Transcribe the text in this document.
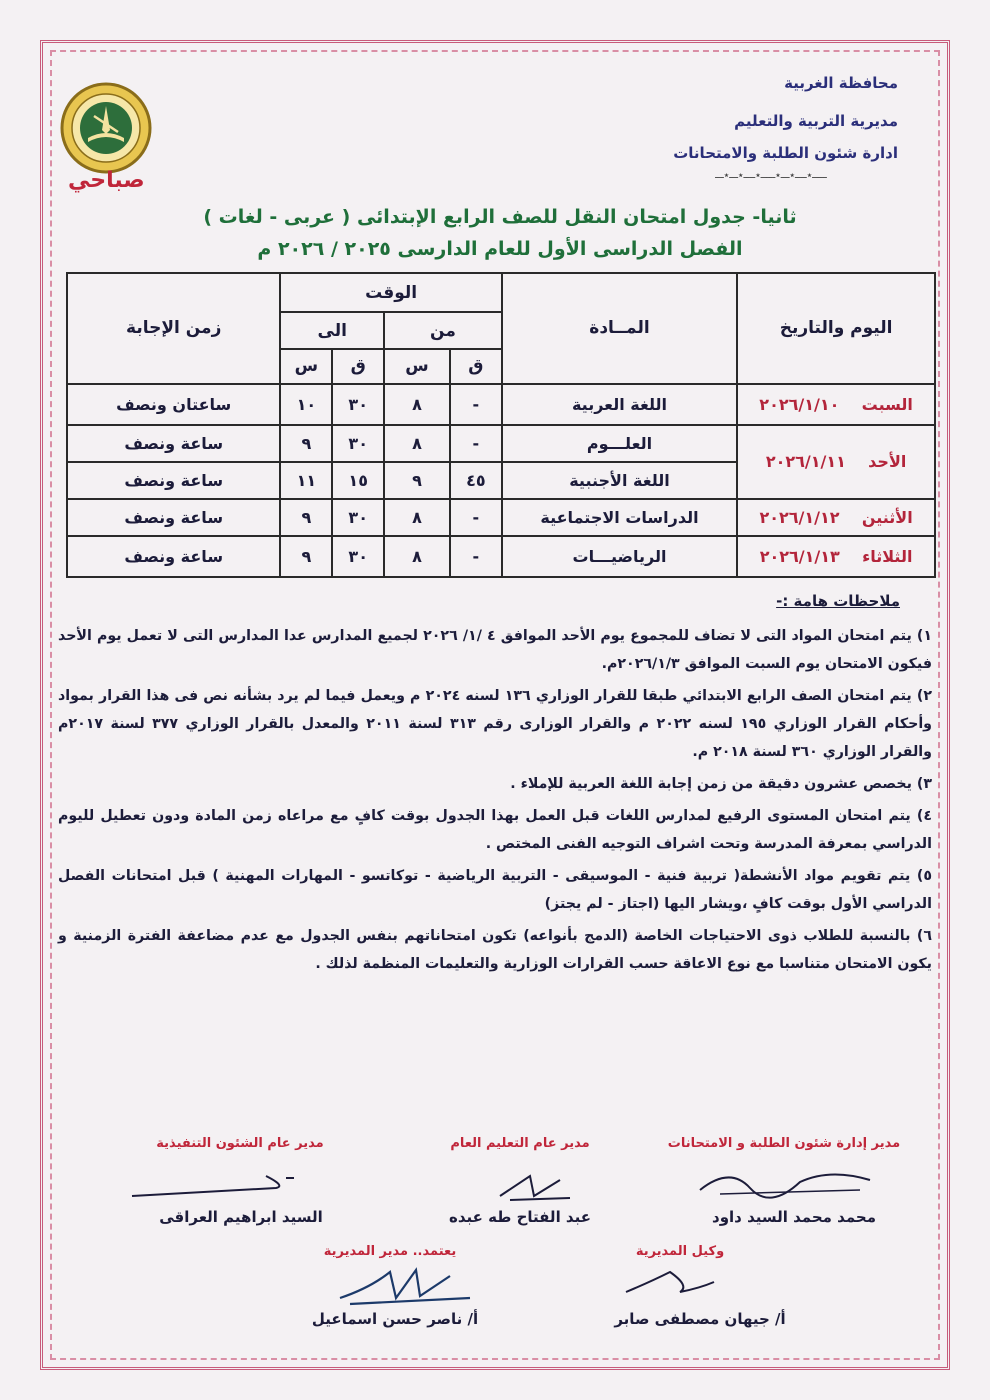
محافظة الغربية
مديرية التربية والتعليم
ادارة شئون الطلبة والامتحانات
ـــــ٭ــــ٭ـــ٭ـــــ٭ــــ٭ـــ٭ـــ
صباحي
ثانيا- جدول امتحان النقل للصف الرابع الإبتدائى ( عربى - لغات )
الفصل الدراسى الأول للعام الدارسى ٢٠٢٥ / ٢٠٢٦ م
اليوم والتاريخ	المــادة	الوقت				زمن الإجابة
		من		الى		
		ق	س	ق	س	
السبت    ٢٠٢٦/١/١٠	اللغة العربية	-	٨	٣٠	١٠	ساعتان ونصف
الأحد    ٢٠٢٦/١/١١	العلـــوم	-	٨	٣٠	٩	ساعة ونصف
	اللغة الأجنبية	٤٥	٩	١٥	١١	ساعة ونصف
الأثنين    ٢٠٢٦/١/١٢	الدراسات الاجتماعية	-	٨	٣٠	٩	ساعة ونصف
الثلاثاء    ٢٠٢٦/١/١٣	الرياضيـــات	-	٨	٣٠	٩	ساعة ونصف
ملاحظات هامة :-

١) يتم امتحان المواد التى لا تضاف للمجموع يوم الأحد الموافق ٤ /١/ ٢٠٢٦ لجميع المدارس عدا المدارس التى لا تعمل يوم الأحد فيكون الامتحان يوم السبت الموافق ٢٠٢٦/١/٣م.

٢) يتم امتحان الصف الرابع الابتدائي طبقا للقرار الوزاري ١٣٦ لسنه ٢٠٢٤ م ويعمل فيما لم يرد بشأنه نص فى هذا القرار بمواد وأحكام القرار الوزاري ١٩٥ لسنه ٢٠٢٢ م والقرار الوزارى رقم ٣١٣ لسنة ٢٠١١ والمعدل بالقرار الوزاري ٣٧٧ لسنة ٢٠١٧م والقرار الوزاري ٣٦٠ لسنة ٢٠١٨ م.

٣) يخصص عشرون دقيقة من زمن إجابة اللغة العربية للإملاء .

٤) يتم امتحان المستوى الرفيع لمدارس اللغات قبل العمل بهذا الجدول بوقت كافٍ مع مراعاه زمن المادة ودون تعطيل لليوم الدراسي بمعرفة المدرسة وتحت اشراف التوجيه الفنى المختص .

٥) يتم تقويم مواد الأنشطة( تربية فنية - الموسيقى - التربية الرياضية - توكاتسو - المهارات المهنية ) قبل امتحانات الفصل الدراسي الأول بوقت كافٍ ،ويشار اليها (اجتاز - لم يجتز)

٦) بالنسبة للطلاب ذوى الاحتياجات الخاصة (الدمج بأنواعه) تكون امتحاناتهم بنفس الجدول مع عدم مضاعفة الفترة الزمنية و يكون الامتحان متناسبا مع نوع الاعاقة حسب القرارات الوزارية والتعليمات المنظمة لذلك .

مدير إدارة شئون الطلبة و الامتحانات
محمد محمد السيد داود
مدير عام التعليم العام
عبد الفتاح طه عبده
مدير عام الشئون التنفيذية
السيد ابراهيم العراقى
وكيل المديرية
أ/ جيهان مصطفى صابر
يعتمد.. مدير المديرية
أ/ ناصر حسن اسماعيل
